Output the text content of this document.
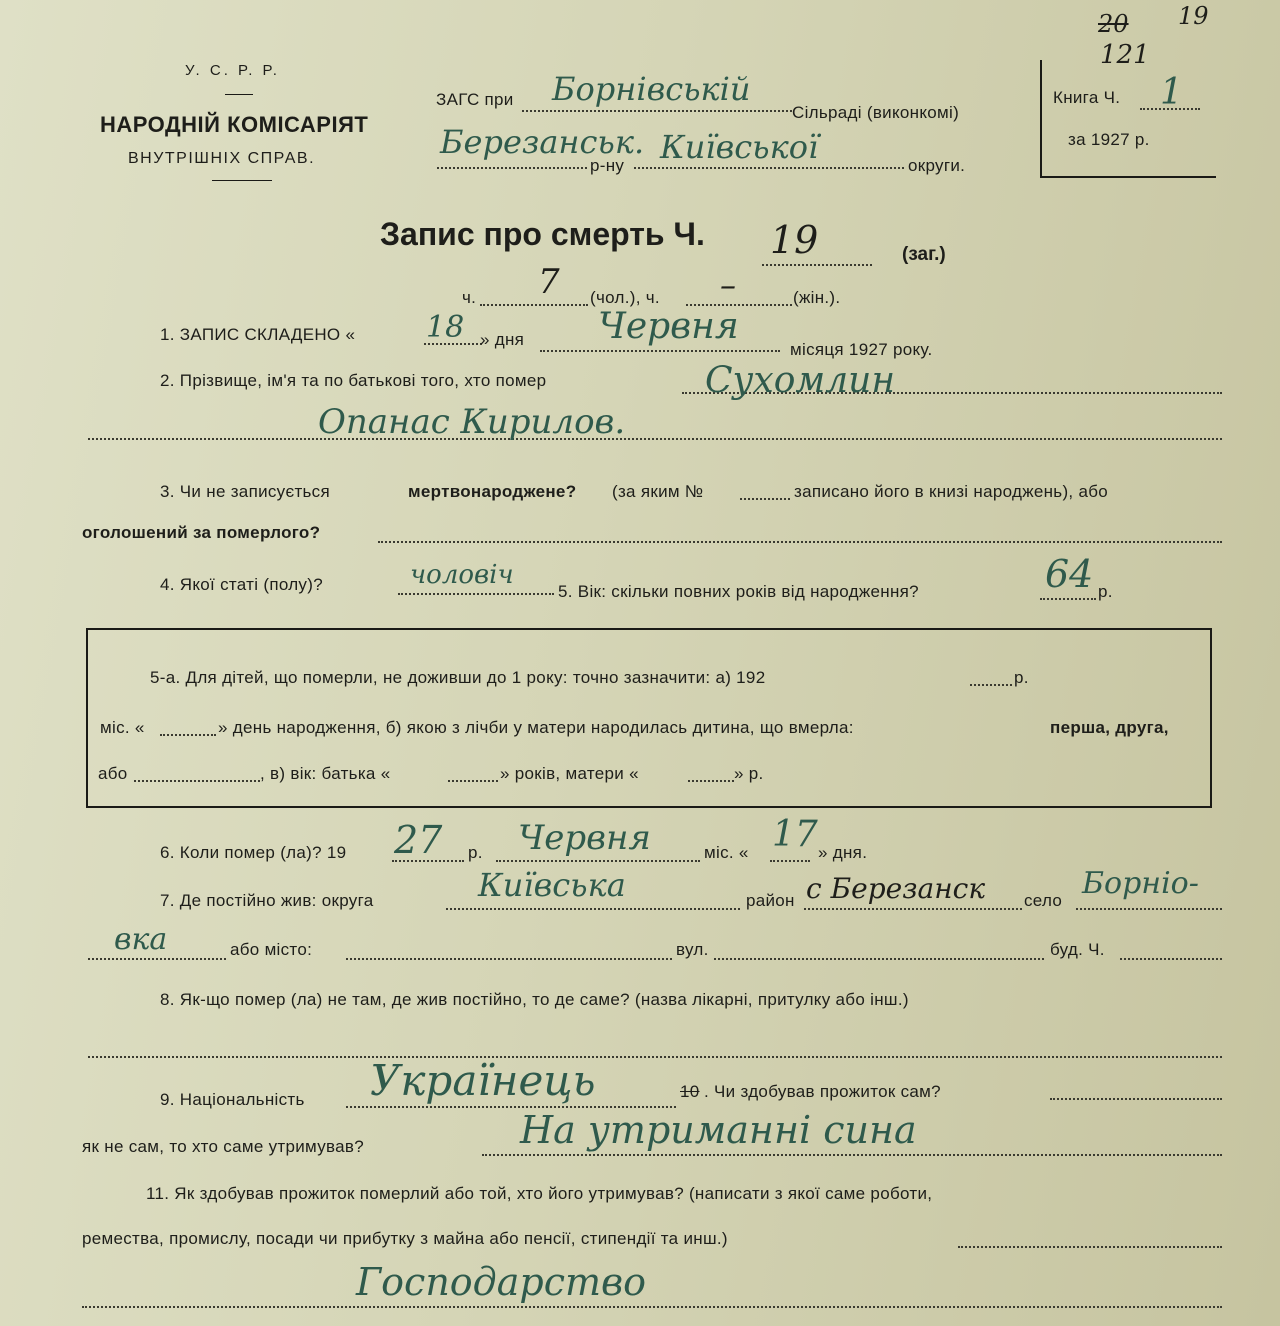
У. С. Р. Р.
НАРОДНІЙ КОМІСАРІЯТ
ВНУТРІШНІХ СПРАВ.
ЗАГС при Борнівській
Сільраді (виконкомі)
Березанськ.
р-ну Київської	округи.
Книга Ч. 1
за 1927 р.
20 19
121
Запис про смерть Ч. 19	(заг.)
ч. 7 (чол.), ч. –	(жін.).
1. ЗАПИС СКЛАДЕНО « 18 » дня Червня
місяця 1927 року.
2. Прізвище, ім'я та по батькові того, хто помер	Сухомлин
Опанас Кирилов.
3. Чи не записується	мертвонароджене? (за яким №	записано його в книзі народжень), або
оголошений за померлого?
4. Якої статі (полу)?	чоловіч
5. Вік: скільки повних років від народження?	64 р.
5-а. Для дітей, що померли, не доживши до 1 року: точно зазначити: а) 192	р.
міс. «	» день народження, б) якою з лічби у матери народилась дитина, що вмерла:	перша, друга,
або	, в) вік: батька «	» років, матери «	» р.
6. Коли помер (ла)? 19 27 р. Червня	міс. « 17 » дня.
7. Де постійно жив: округа	Київська	район с Березанск село Борніо-
вка	або місто:	вул.	буд. Ч.
8. Як-що помер (ла) не там, де жив постійно, то де саме? (назва лікарні, притулку або інш.)
9. Національність Українець	10 . Чи здобував прожиток сам?
як не сам, то хто саме утримував?	На утриманні сина
11. Як здобував прожиток померлий або той, хто його утримував? (написати з якої саме роботи,
ремества, промислу, посади чи прибутку з майна або пенсії, стипендії та инш.)
Господарство
